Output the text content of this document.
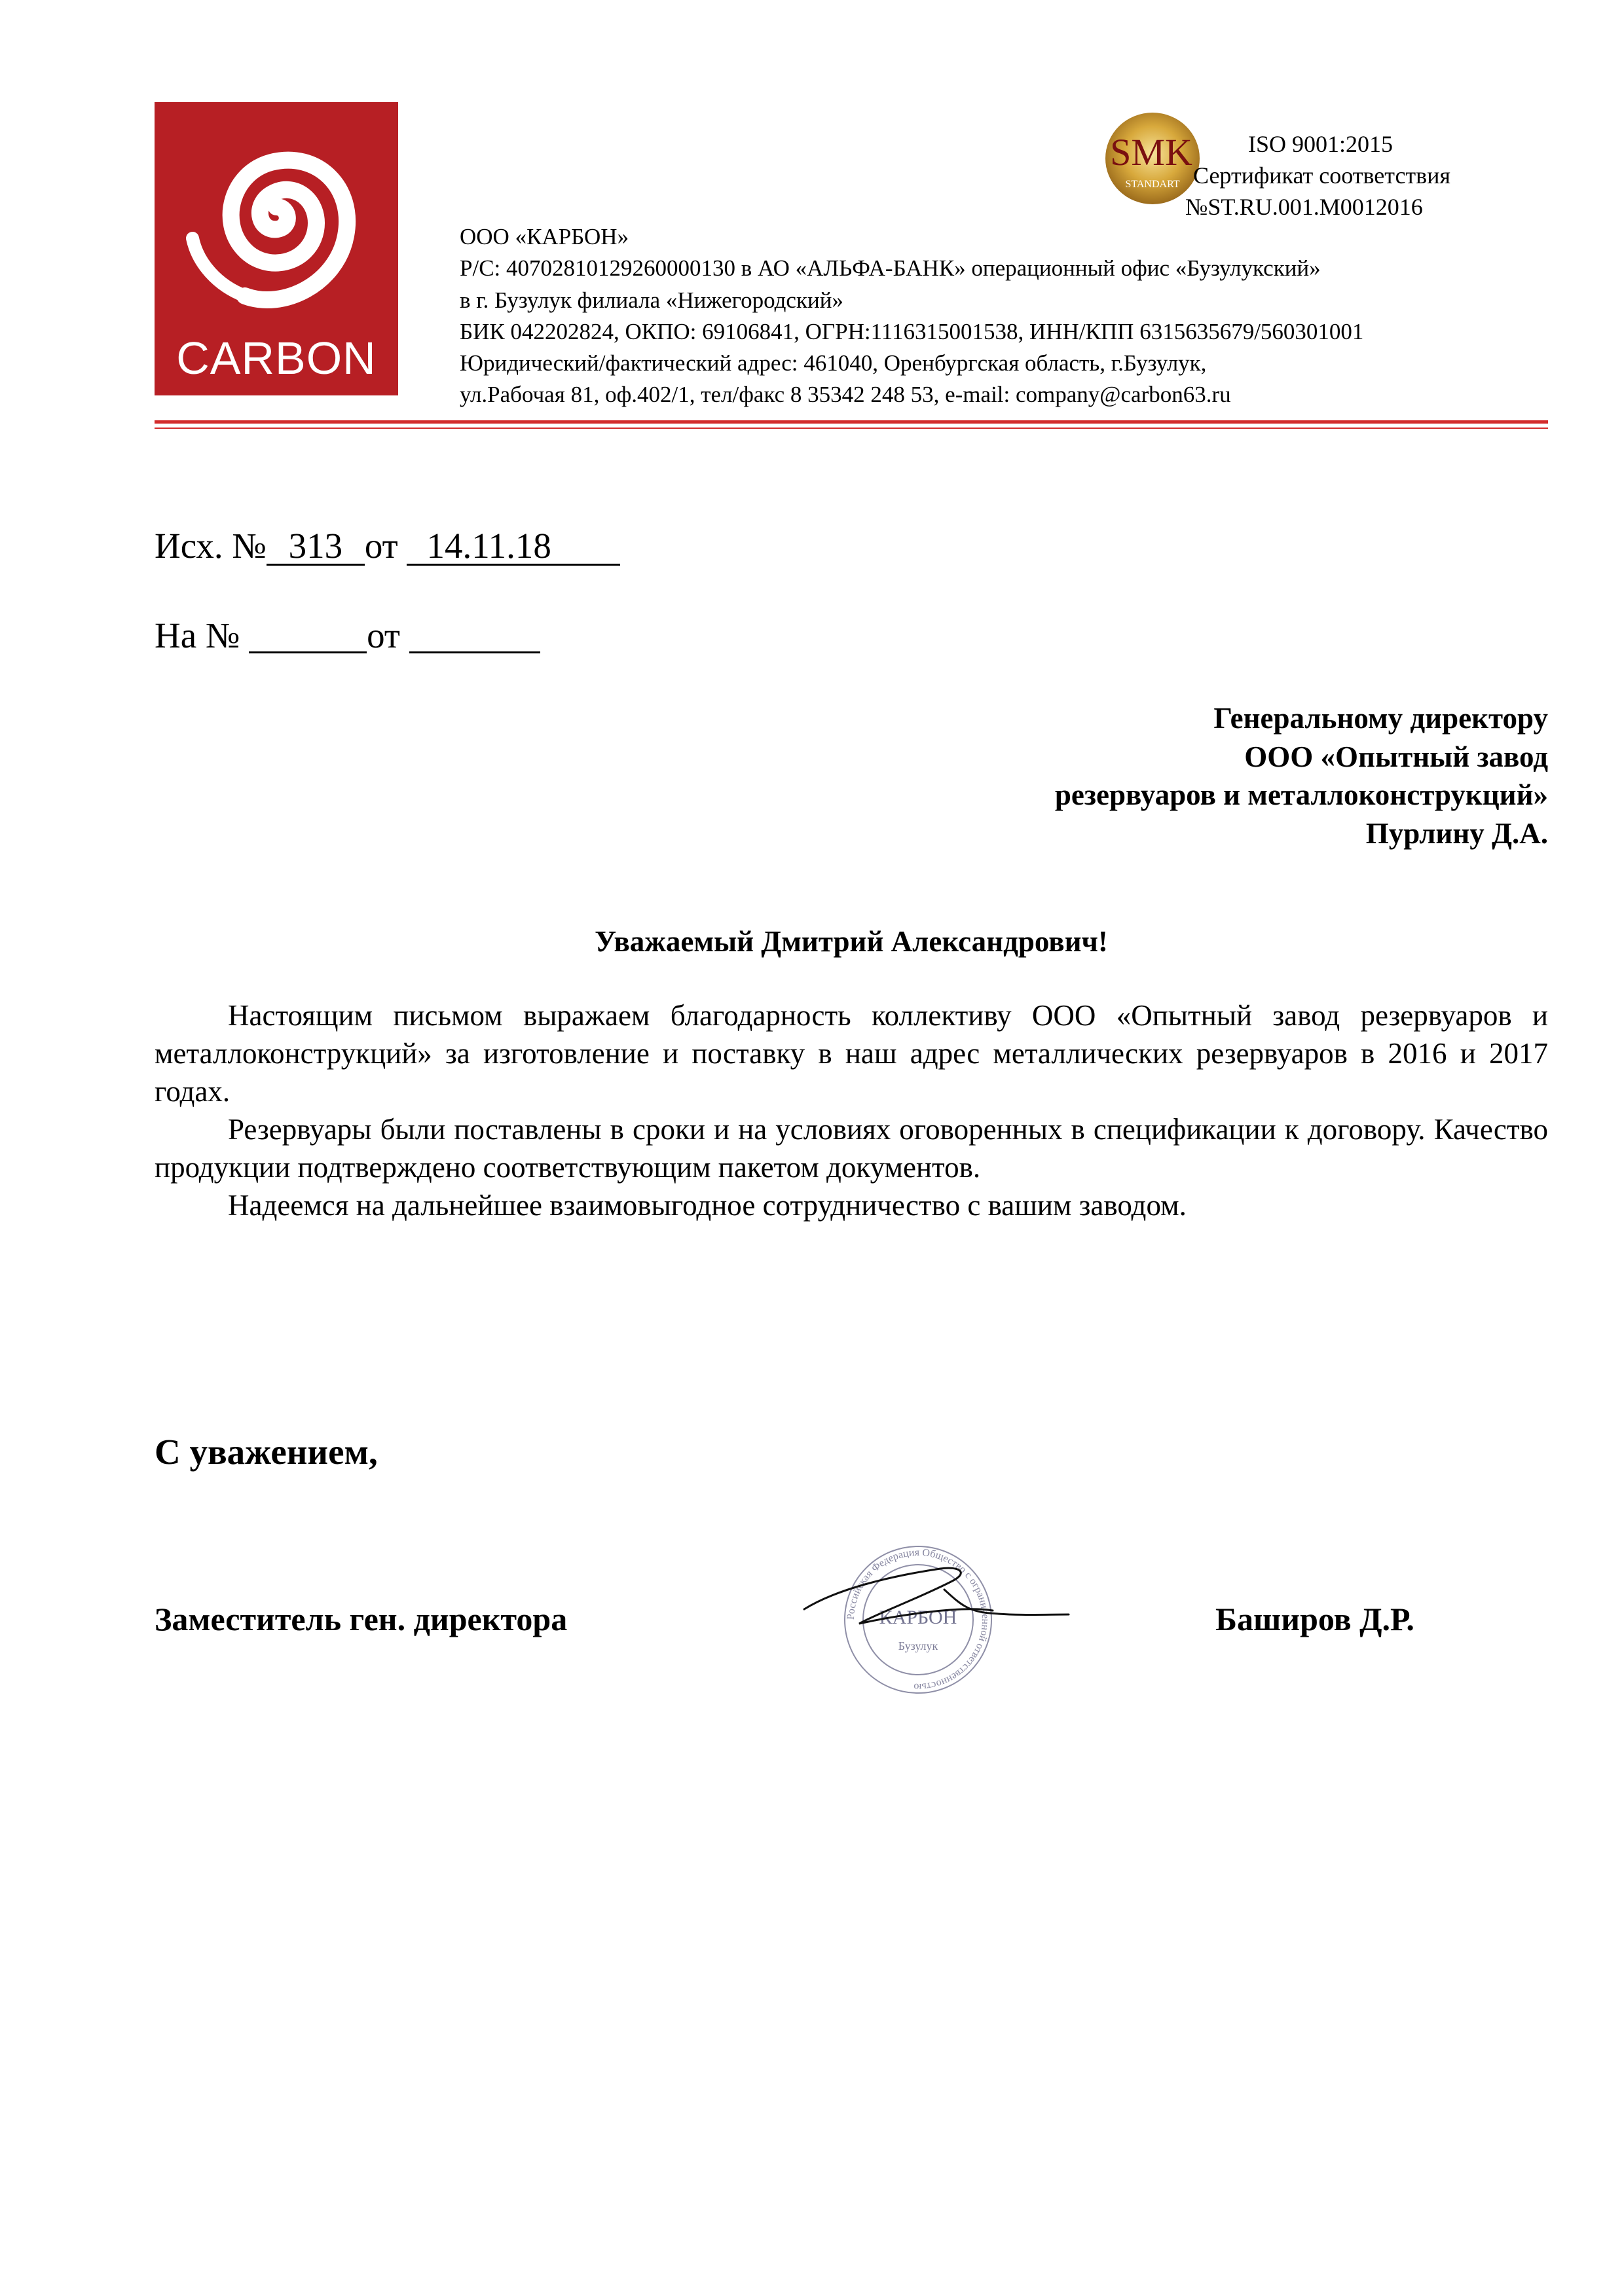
CARBON
SMK
STANDART
ISO 9001:2015
Сертификат соответствия
№ST.RU.001.M0012016
ООО «КАРБОН»
Р/С: 40702810129260000130 в АО «АЛЬФА-БАНК» операционный офис «Бузулукский»
в г. Бузулук филиала «Нижегородский»
БИК 042202824, ОКПО: 69106841, ОГРН:1116315001538, ИНН/КПП 6315635679/560301001
Юридический/фактический адрес: 461040, Оренбургская область, г.Бузулук,
ул.Рабочая 81, оф.402/1, тел/факс 8 35342 248 53, e-mail: company@carbon63.ru
Исх. № 313 от 14.11.18
На №	от
Генеральному директору
ООО «Опытный завод
резервуаров и металлоконструкций»
Пурлину Д.А.
Уважаемый Дмитрий Александрович!

Настоящим письмом выражаем благодарность коллективу ООО «Опытный завод резервуаров и металлоконструкций» за изготовление и поставку в наш адрес металлических резервуаров в 2016 и 2017 годах.

Резервуары были поставлены в сроки и на условиях оговоренных в спецификации к договору. Качество продукции подтверждено соответствующим пакетом документов.

Надеемся на дальнейшее взаимовыгодное сотрудничество с вашим заводом.

С уважением,
Заместитель ген. директора	Баширов Д.Р.
Российская Федерация Общество с ограниченной ответственностью
КАРБОН
Бузулук
